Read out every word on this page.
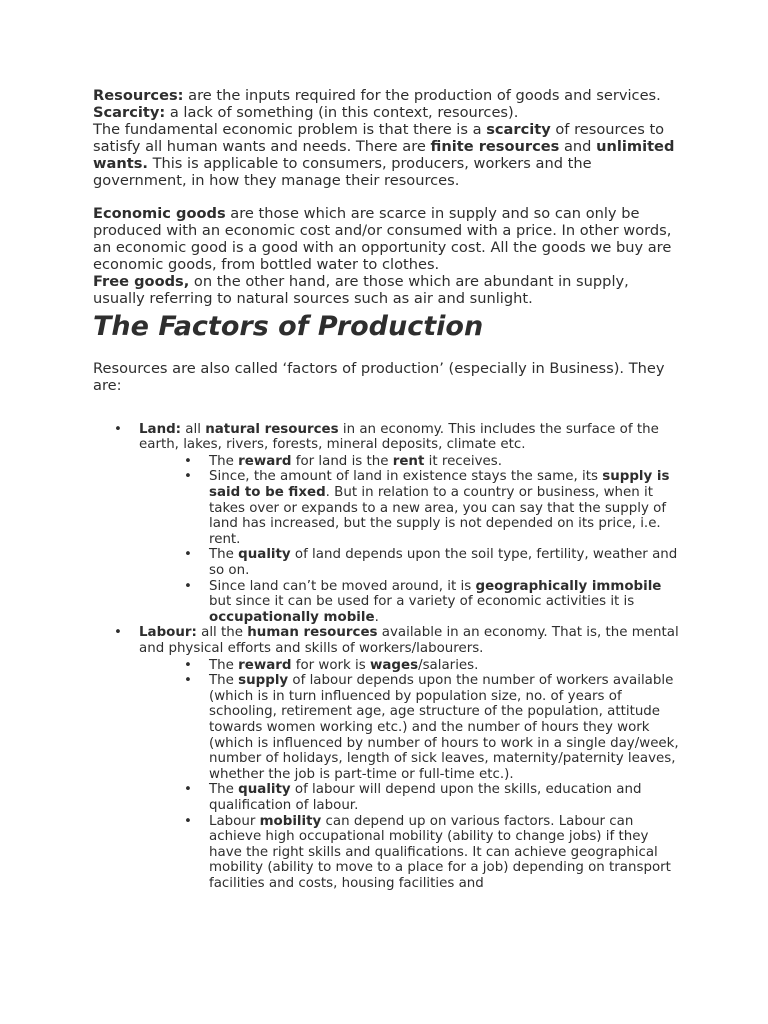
Resources: are the inputs required for the production of goods and services.

Scarcity: a lack of something (in this context, resources).

The fundamental economic problem is that there is a scarcity of resources to satisfy all human wants and needs. There are finite resources and unlimited wants. This is applicable to consumers, producers, workers and the government, in how they manage their resources.

Economic goods are those which are scarce in supply and so can only be produced with an economic cost and/or consumed with a price. In other words, an economic good is a good with an opportunity cost. All the goods we buy are economic goods, from bottled water to clothes.

Free goods, on the other hand, are those which are abundant in supply, usually referring to natural sources such as air and sunlight.

The Factors of Production

Resources are also called ‘factors of production’ (especially in Business). They are:

• Land: all natural resources in an economy. This includes the surface of the earth, lakes, rivers, forests, mineral deposits, climate etc.
• The reward for land is the rent it receives.
• Since, the amount of land in existence stays the same, its supply is said to be fixed. But in relation to a country or business, when it takes over or expands to a new area, you can say that the supply of land has increased, but the supply is not depended on its price, i.e. rent.
• The quality of land depends upon the soil type, fertility, weather and so on.
• Since land can’t be moved around, it is geographically immobile but since it can be used for a variety of economic activities it is occupationally mobile.
• Labour: all the human resources available in an economy. That is, the mental and physical efforts and skills of workers/labourers.
• The reward for work is wages/salaries.
• The supply of labour depends upon the number of workers available (which is in turn influenced by population size, no. of years of schooling, retirement age, age structure of the population, attitude towards women working etc.) and the number of hours they work (which is influenced by number of hours to work in a single day/week, number of holidays, length of sick leaves, maternity/paternity leaves, whether the job is part-time or full-time etc.).
• The quality of labour will depend upon the skills, education and qualification of labour.
• Labour mobility can depend up on various factors. Labour can achieve high occupational mobility (ability to change jobs) if they have the right skills and qualifications. It can achieve geographical mobility (ability to move to a place for a job) depending on transport facilities and costs, housing facilities and
